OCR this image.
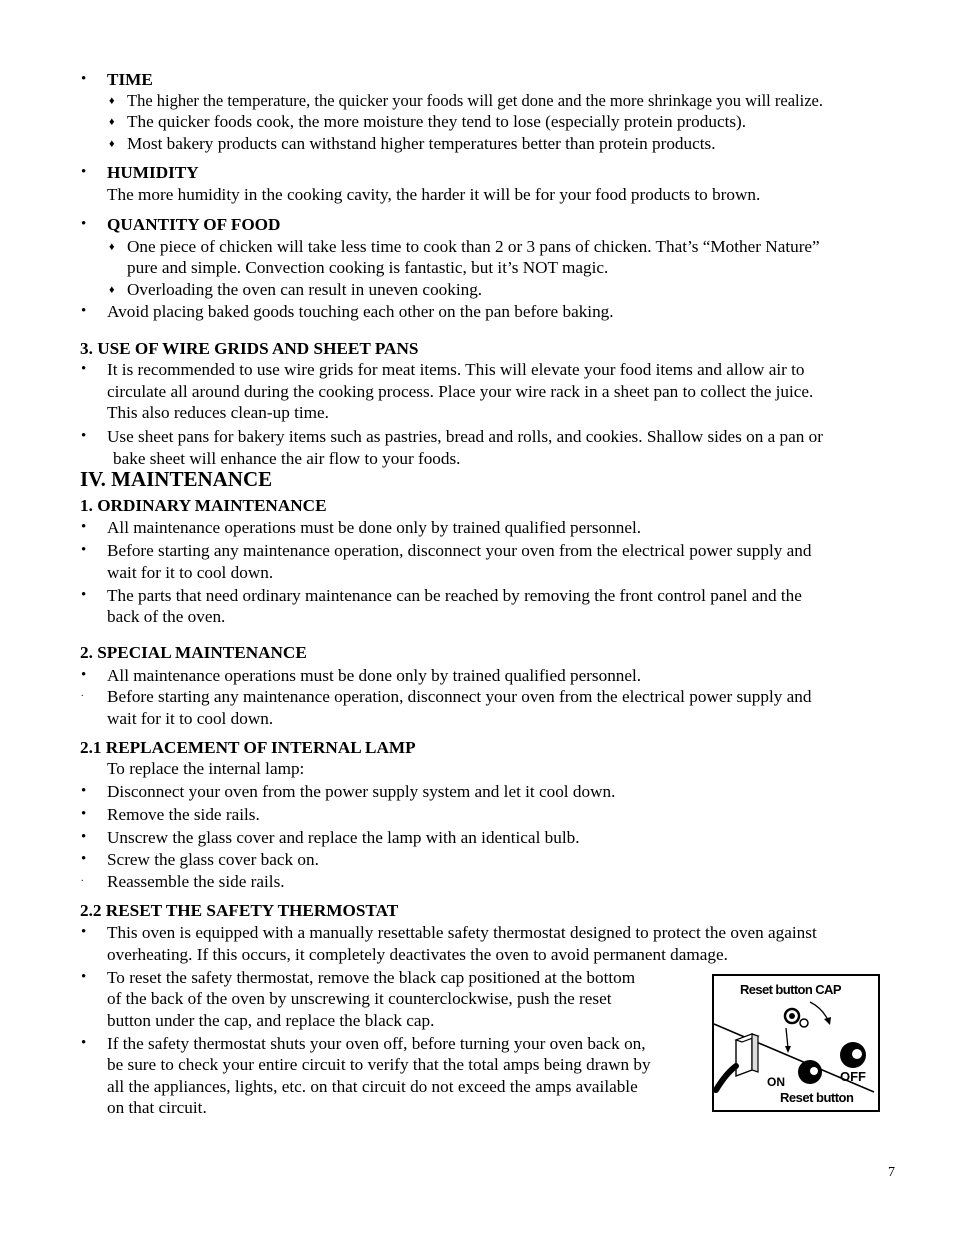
• TIME
♦ The higher the temperature, the quicker your foods will get done and the more shrinkage you will realize.
♦ The quicker foods cook, the more moisture they tend to lose (especially protein products).
♦ Most bakery products can withstand higher temperatures better than protein products.
• HUMIDITY
The more humidity in the cooking cavity, the harder it will be for your food products to brown.
• QUANTITY OF FOOD
♦ One piece of chicken will take less time to cook than 2 or 3 pans of chicken. That’s “Mother Nature”
pure and simple. Convection cooking is fantastic, but it’s NOT magic.
♦ Overloading the oven can result in uneven cooking.
• Avoid placing baked goods touching each other on the pan before baking.
3. USE OF WIRE GRIDS AND SHEET PANS
• It is recommended to use wire grids for meat items. This will elevate your food items and allow air to
circulate all around during the cooking process. Place your wire rack in a sheet pan to collect the juice.
This also reduces clean-up time.
• Use sheet pans for bakery items such as pastries, bread and rolls, and cookies. Shallow sides on a pan or
bake sheet will enhance the air flow to your foods.
IV. MAINTENANCE
1. ORDINARY MAINTENANCE
• All maintenance operations must be done only by trained qualified personnel.
• Before starting any maintenance operation, disconnect your oven from the electrical power supply and
wait for it to cool down.
• The parts that need ordinary maintenance can be reached by removing the front control panel and the
back of the oven.
2. SPECIAL MAINTENANCE
• All maintenance operations must be done only by trained qualified personnel.
. Before starting any maintenance operation, disconnect your oven from the electrical power supply and
wait for it to cool down.
2.1 REPLACEMENT OF INTERNAL LAMP
To replace the internal lamp:
• Disconnect your oven from the power supply system and let it cool down.
• Remove the side rails.
• Unscrew the glass cover and replace the lamp with an identical bulb.
• Screw the glass cover back on.
. Reassemble the side rails.
2.2 RESET THE SAFETY THERMOSTAT
• This oven is equipped with a manually resettable safety thermostat designed to protect the oven against
overheating. If this occurs, it completely deactivates the oven to avoid permanent damage.
• To reset the safety thermostat, remove the black cap positioned at the bottom
of the back of the oven by unscrewing it counterclockwise, push the reset
button under the cap, and replace the black cap.
• If the safety thermostat shuts your oven off, before turning your oven back on,
be sure to check your entire circuit to verify that the total amps being drawn by
all the appliances, lights, etc. on that circuit do not exceed the amps available
on that circuit.
Reset button CAP
ON	OFF
Reset button
7
